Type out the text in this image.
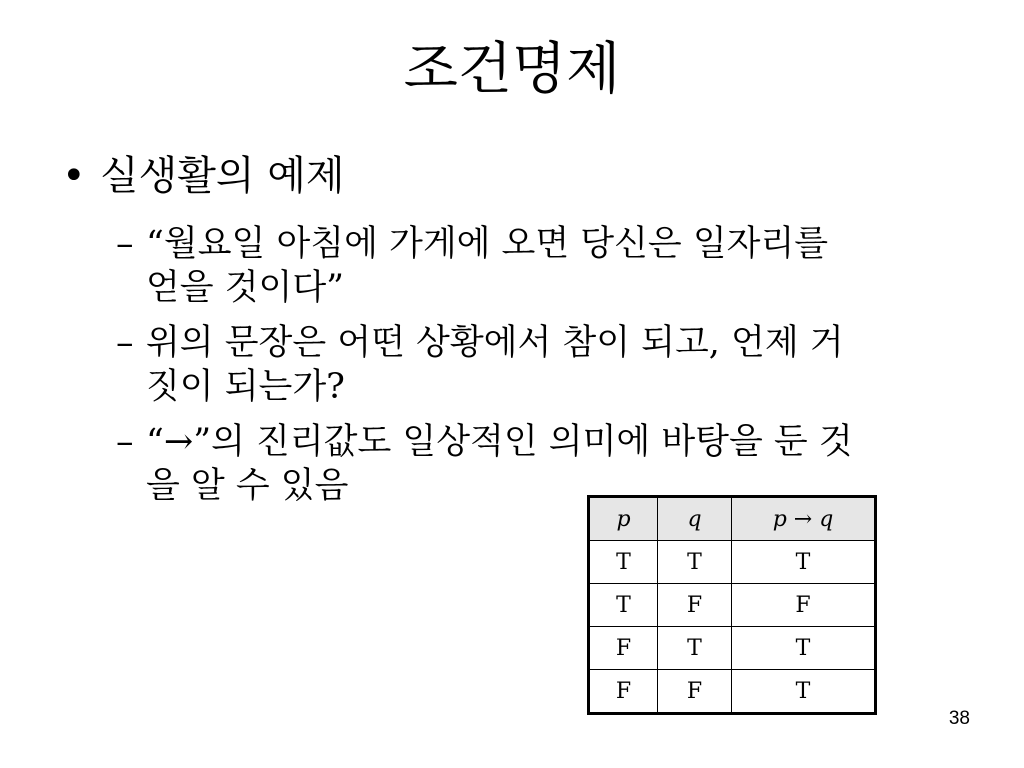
조건명제
• 실생활의 예제
– “월요일 아침에 가게에 오면 당신은 일자리를
얻을 것이다”
– 위의 문장은 어떤 상황에서 참이 되고, 언제 거
짓이 되는가?
– “→”의 진리값도 일상적인 의미에 바탕을 둔 것
을 알 수 있음
p	q	p → q
T	T	T
T	F	F
F	T	T
F	F	T
38
